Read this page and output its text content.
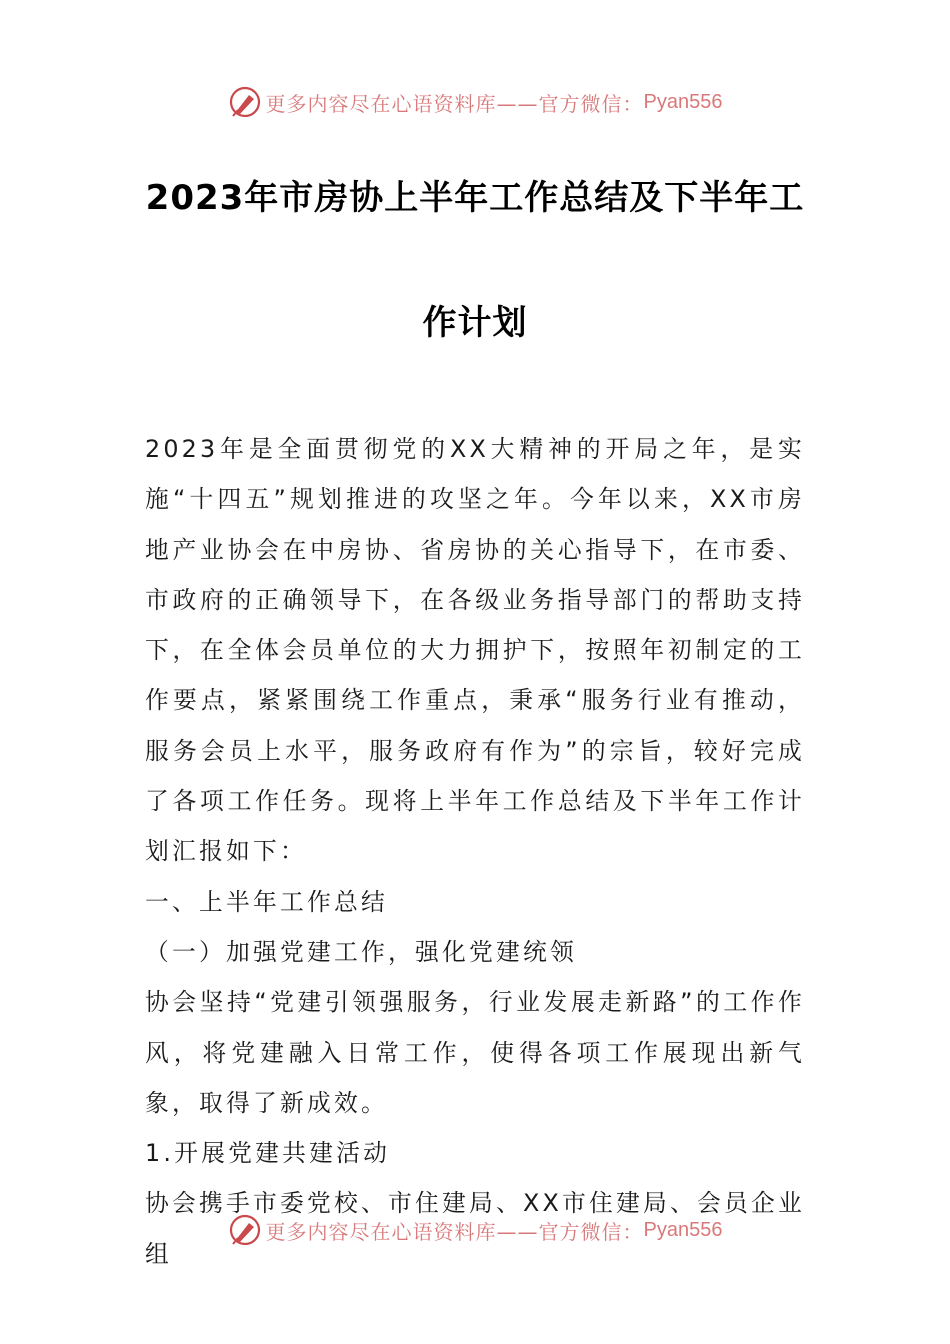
更多内容尽在心语资料库——官方微信： Pyan556
2023年市房协上半年工作总结及下半年工
作计划

2023年是全面贯彻党的XX大精神的开局之年，是实施“十四五”规划推进的攻坚之年。今年以来，XX市房地产业协会在中房协、省房协的关心指导下，在市委、市政府的正确领导下，在各级业务指导部门的帮助支持下，在全体会员单位的大力拥护下，按照年初制定的工作要点，紧紧围绕工作重点，秉承“服务行业有推动，服务会员上水平，服务政府有作为”的宗旨，较好完成了各项工作任务。现将上半年工作总结及下半年工作计划汇报如下：

一、上半年工作总结

（一）加强党建工作，强化党建统领

协会坚持“党建引领强服务，行业发展走新路”的工作作风，将党建融入日常工作，使得各项工作展现出新气象，取得了新成效。

1.开展党建共建活动

协会携手市委党校、市住建局、XX市住建局、会员企业组

更多内容尽在心语资料库——官方微信： Pyan556
